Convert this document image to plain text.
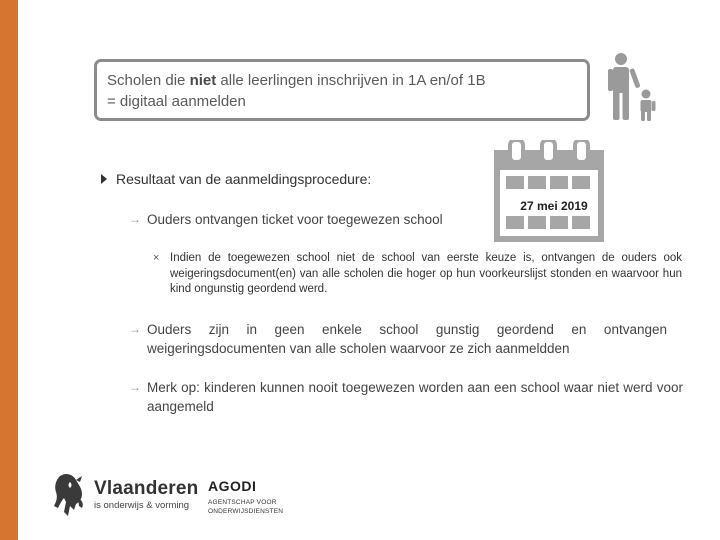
Scholen die niet alle leerlingen inschrijven in 1A en/of 1B
= digitaal aanmelden
27 mei 2019
Resultaat van de aanmeldingsprocedure:
→ Ouders ontvangen ticket voor toegewezen school
× Indien de toegewezen school niet de school van eerste keuze is, ontvangen de ouders ook weigeringsdocument(en) van alle scholen die hoger op hun voorkeurslijst stonden en waarvoor hun kind ongunstig geordend werd.
→ Ouders zijn in geen enkele school gunstig geordend en ontvangen weigeringsdocumenten van alle scholen waarvoor ze zich aanmeldden
→ Merk op: kinderen kunnen nooit toegewezen worden aan een school waar niet werd voor aangemeld
Vlaanderen
is onderwijs & vorming
AGODI
AGENTSCHAP VOOR
ONDERWIJSDIENSTEN
